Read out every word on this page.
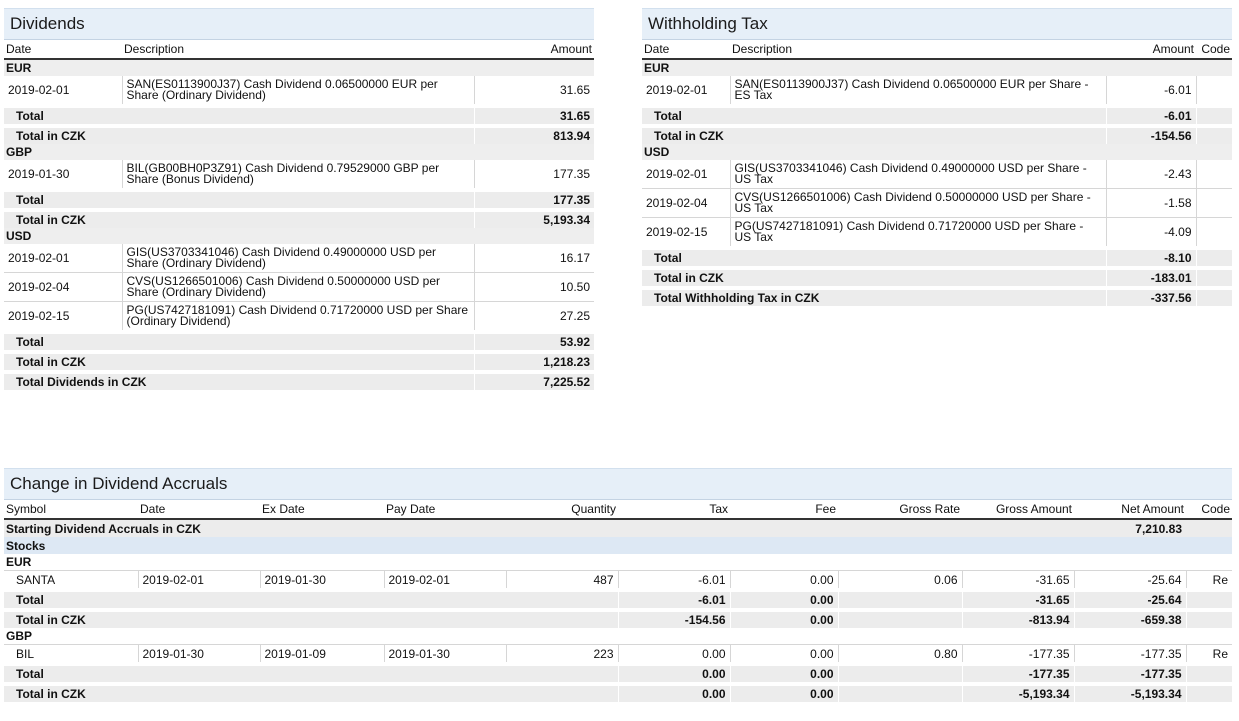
Dividends
Date	Description	Amount
EUR		
2019-02-01	SAN(ES0113900J37) Cash Dividend 0.06500000 EUR per Share (Ordinary Dividend)	31.65
Total		31.65
Total in CZK		813.94
GBP		
2019-01-30	BIL(GB00BH0P3Z91) Cash Dividend 0.79529000 GBP per Share (Bonus Dividend)	177.35
Total		177.35
Total in CZK		5,193.34
USD		
2019-02-01	GIS(US3703341046) Cash Dividend 0.49000000 USD per Share (Ordinary Dividend)	16.17
2019-02-04	CVS(US1266501006) Cash Dividend 0.50000000 USD per Share (Ordinary Dividend)	10.50
2019-02-15	PG(US7427181091) Cash Dividend 0.71720000 USD per Share (Ordinary Dividend)	27.25
Total		53.92
Total in CZK		1,218.23
Total Dividends in CZK		7,225.52
Withholding Tax
Date	Description	Amount	Code
EUR			
2019-02-01	SAN(ES0113900J37) Cash Dividend 0.06500000 EUR per Share - ES Tax	-6.01	
Total		-6.01	
Total in CZK		-154.56	
USD			
2019-02-01	GIS(US3703341046) Cash Dividend 0.49000000 USD per Share - US Tax	-2.43	
2019-02-04	CVS(US1266501006) Cash Dividend 0.50000000 USD per Share - US Tax	-1.58	
2019-02-15	PG(US7427181091) Cash Dividend 0.71720000 USD per Share - US Tax	-4.09	
Total		-8.10	
Total in CZK		-183.01	
Total Withholding Tax in CZK		-337.56	
Change in Dividend Accruals
Symbol	Date	Ex Date	Pay Date	Quantity	Tax	Fee	Gross Rate	Gross Amount	Net Amount	Code
Starting Dividend Accruals in CZK									7,210.83	
Stocks										
EUR										
SANTA	2019-02-01	2019-01-30	2019-02-01	487	-6.01	0.00	0.06	-31.65	-25.64	Re
Total					-6.01	0.00		-31.65	-25.64	
Total in CZK					-154.56	0.00		-813.94	-659.38	
GBP										
BIL	2019-01-30	2019-01-09	2019-01-30	223	0.00	0.00	0.80	-177.35	-177.35	Re
Total					0.00	0.00		-177.35	-177.35	
Total in CZK					0.00	0.00		-5,193.34	-5,193.34	
